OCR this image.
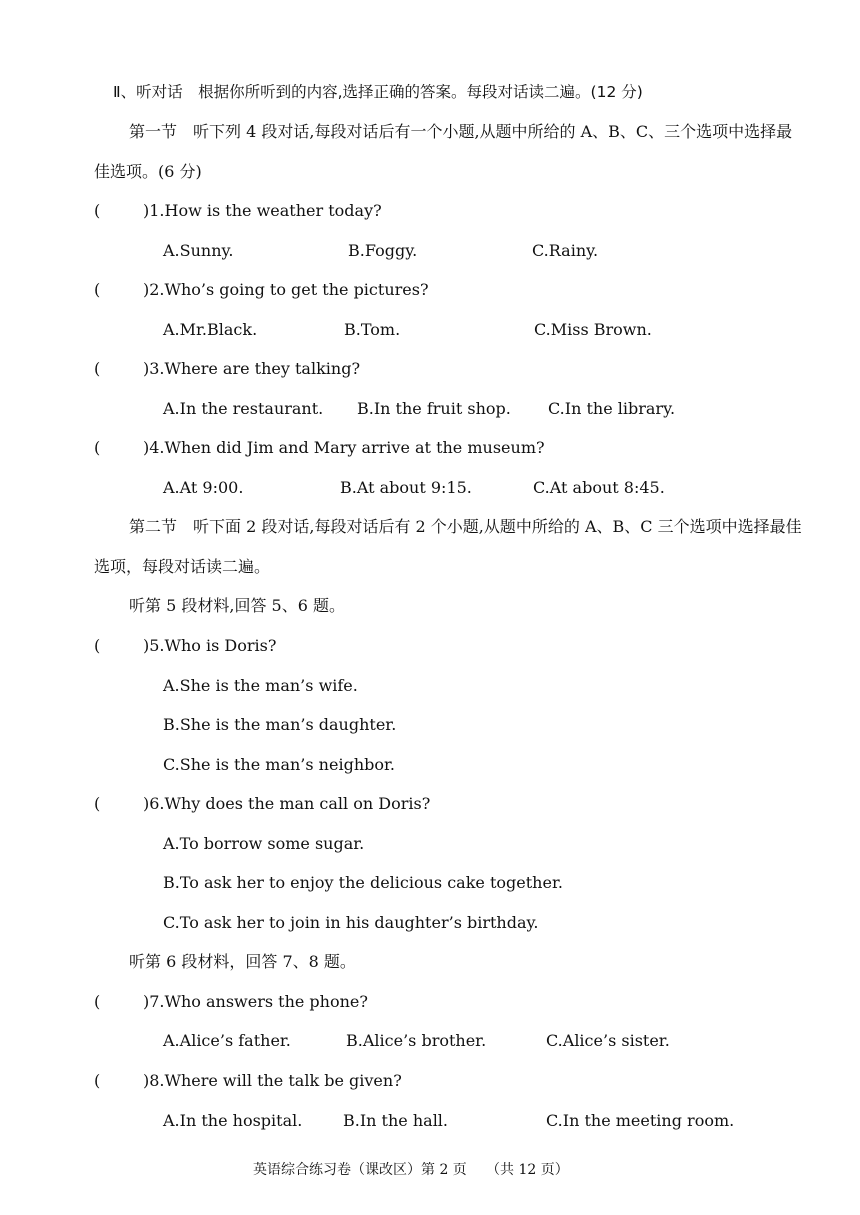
Ⅱ、听对话　根据你所听到的内容,选择正确的答案。每段对话读二遍。(12 分)
第一节　听下列 4 段对话,每段对话后有一个小题,从题中所给的 A、B、C、三个选项中选择最
佳选项。(6 分)
(	)1.How is the weather today?
A.Sunny.	B.Foggy.	C.Rainy.
(	)2.Who’s going to get the pictures?
A.Mr.Black.	B.Tom.	C.Miss Brown.
(	)3.Where are they talking?
A.In the restaurant. B.In the fruit shop. C.In the library.
(	)4.When did Jim and Mary arrive at the museum?
A.At 9:00.	B.At about 9:15.	C.At about 8:45.
第二节　听下面 2 段对话,每段对话后有 2 个小题,从题中所给的 A、B、C 三个选项中选择最佳
选项，每段对话读二遍。
听第 5 段材料,回答 5、6 题。
(	)5.Who is Doris?
A.She is the man’s wife.
B.She is the man’s daughter.
C.She is the man’s neighbor.
(	)6.Why does the man call on Doris?
A.To borrow some sugar.
B.To ask her to enjoy the delicious cake together.
C.To ask her to join in his daughter’s birthday.
听第 6 段材料，回答 7、8 题。
(	)7.Who answers the phone?
A.Alice’s father.	B.Alice’s brother.	C.Alice’s sister.
(	)8.Where will the talk be given?
A.In the hospital.	B.In the hall.	C.In the meeting room.
英语综合练习卷（课改区）第 2 页 （共 12 页）
